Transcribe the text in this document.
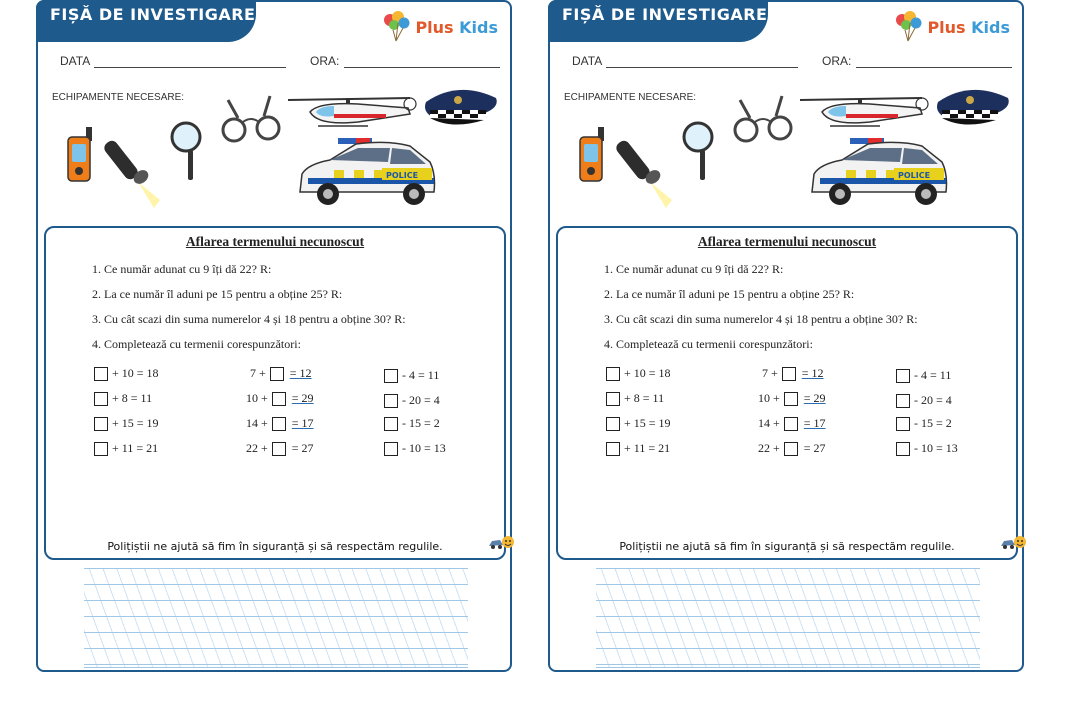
FIȘĂ DE INVESTIGARE
Plus Kids
DATA	ORA:
ECHIPAMENTE NECESARE:
POLICE
Aflarea termenului necunoscut
1. Ce număr adunat cu 9 îți dă 22? R:
2. La ce număr îl aduni pe 15 pentru a obține 25? R:
3. Cu cât scazi din suma numerelor 4 și 18 pentru a obține 30? R:
4. Completează cu termenii corespunzători:
+ 10 = 18	7 + = 12	- 4 = 11
+ 8 = 11	10 + = 29	- 20 = 4
+ 15 = 19	14 + = 17	- 15 = 2
+ 11 = 21	22 + = 27	- 10 = 13
Polițiștii ne ajută să fim în siguranță și să respectăm regulile.
FIȘĂ DE INVESTIGARE
Plus Kids
DATA	ORA:
ECHIPAMENTE NECESARE:
POLICE
Aflarea termenului necunoscut
1. Ce număr adunat cu 9 îți dă 22? R:
2. La ce număr îl aduni pe 15 pentru a obține 25? R:
3. Cu cât scazi din suma numerelor 4 și 18 pentru a obține 30? R:
4. Completează cu termenii corespunzători:
+ 10 = 18	7 + = 12	- 4 = 11
+ 8 = 11	10 + = 29	- 20 = 4
+ 15 = 19	14 + = 17	- 15 = 2
+ 11 = 21	22 + = 27	- 10 = 13
Polițiștii ne ajută să fim în siguranță și să respectăm regulile.
